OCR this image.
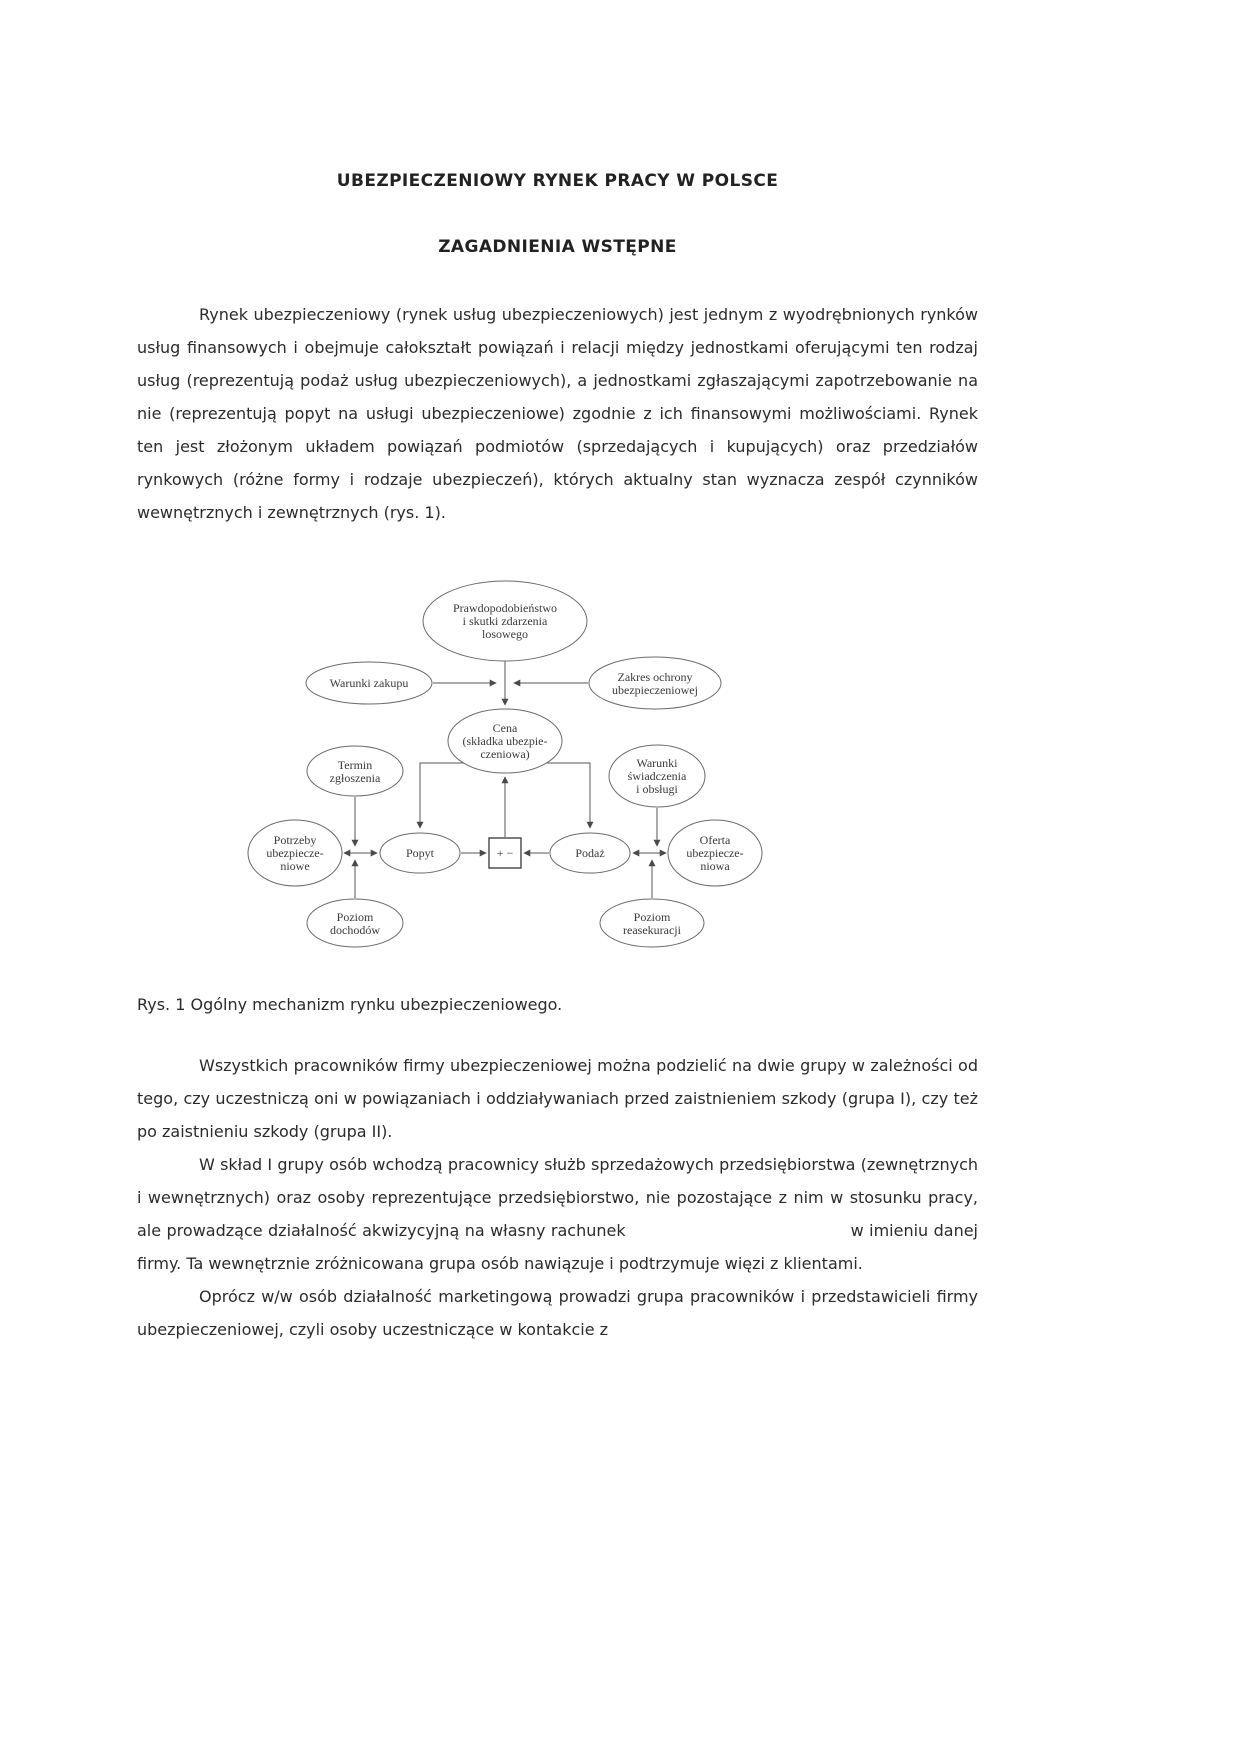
UBEZPIECZENIOWY RYNEK PRACY W POLSCE
ZAGADNIENIA WSTĘPNE

Rynek ubezpieczeniowy (rynek usług ubezpieczeniowych) jest jednym z wyodrębnionych rynków usług finansowych i obejmuje całokształt powiązań i relacji między jednostkami oferującymi ten rodzaj usług (reprezentują podaż usług ubezpieczeniowych), a jednostkami zgłaszającymi zapotrzebowanie na nie (reprezentują popyt na usługi ubezpieczeniowe) zgodnie z ich finansowymi możliwościami. Rynek ten jest złożonym układem powiązań podmiotów (sprzedających i kupujących) oraz przedziałów rynkowych (różne formy i rodzaje ubezpieczeń), których aktualny stan wyznacza zespół czynników wewnętrznych i zewnętrznych (rys. 1).

Prawdopodobieństwo
i skutki zdarzenia
losowego
Warunki zakupu	Zakres ochrony
ubezpieczeniowej
Cena
(składka ubezpie-
czeniowa)
Termin
zgłoszenia
Warunki
świadczenia
i obsługi
Potrzeby
ubezpiecze-
niowe
Popyt	+ −	Podaż
Oferta
ubezpiecze-
niowa
Poziom
dochodów
Poziom
reasekuracji

Rys. 1 Ogólny mechanizm rynku ubezpieczeniowego.

Wszystkich pracowników firmy ubezpieczeniowej można podzielić na dwie grupy w zależności od tego, czy uczestniczą oni w powiązaniach i oddziaływaniach przed zaistnieniem szkody (grupa I), czy też po zaistnieniu szkody (grupa II).

W skład I grupy osób wchodzą pracownicy służb sprzedażowych przedsiębiorstwa (zewnętrznych i wewnętrznych) oraz osoby reprezentujące przedsiębiorstwo, nie pozostające z nim w stosunku pracy, ale prowadzące działalność akwizycyjną na własny rachunek	w imieniu danej firmy. Ta wewnętrznie zróżnicowana grupa osób nawiązuje i podtrzymuje więzi z klientami.

Oprócz w/w osób działalność marketingową prowadzi grupa pracowników i przedstawicieli firmy ubezpieczeniowej, czyli osoby uczestniczące w kontakcie z
